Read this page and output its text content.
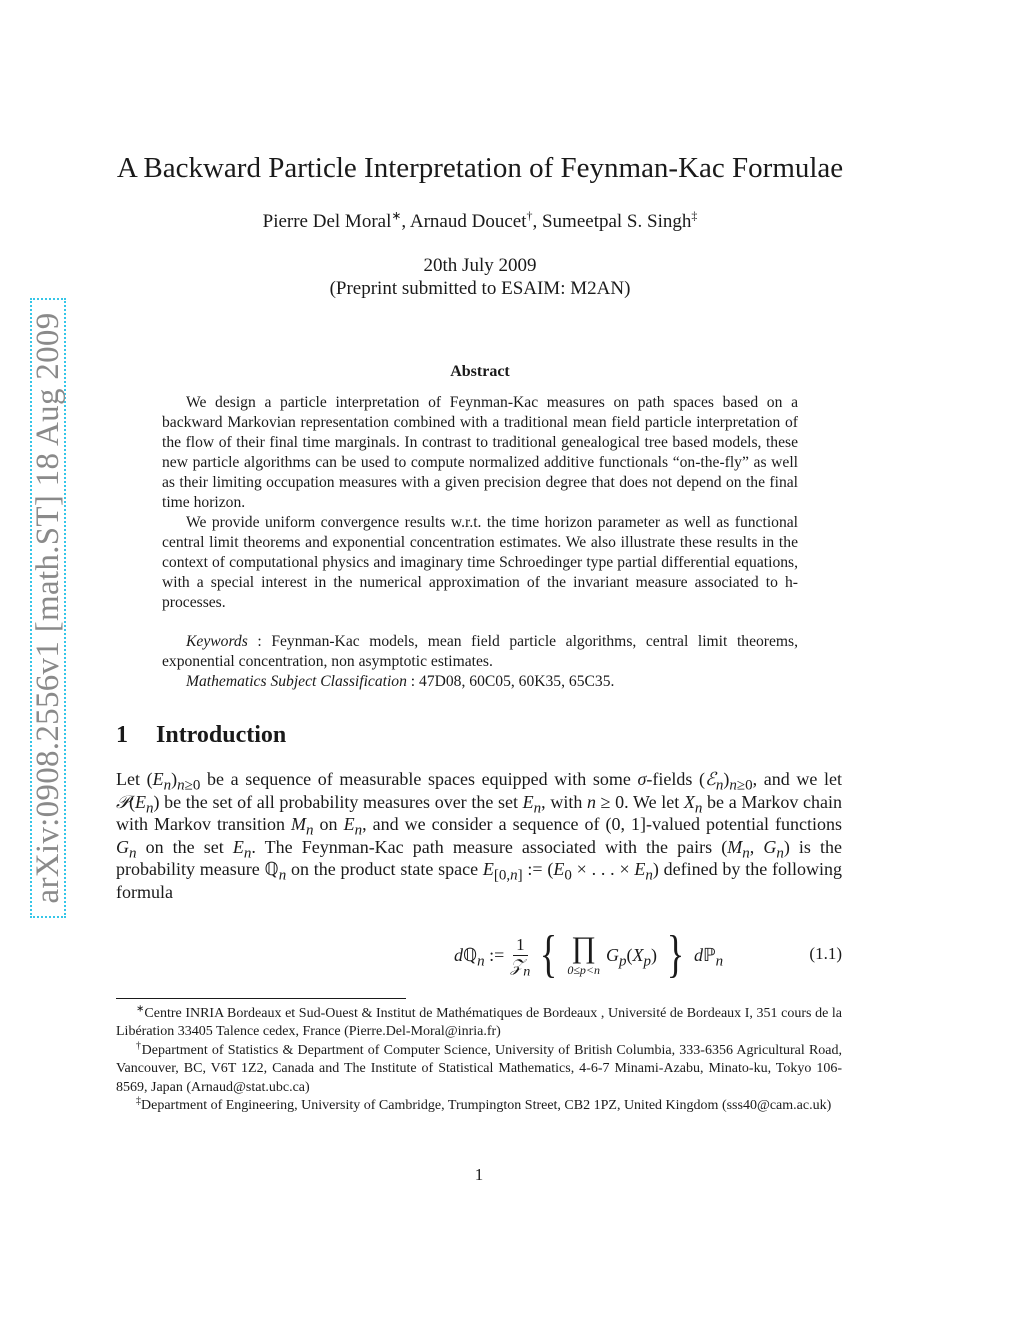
arXiv:0908.2556v1 [math.ST] 18 Aug 2009
A Backward Particle Interpretation of Feynman-Kac Formulae
Pierre Del Moral∗, Arnaud Doucet†, Sumeetpal S. Singh‡
20th July 2009
(Preprint submitted to ESAIM: M2AN)
Abstract

We design a particle interpretation of Feynman-Kac measures on path spaces based on a backward Markovian representation combined with a traditional mean field particle interpretation of the flow of their final time marginals. In contrast to traditional genealogical tree based models, these new particle algorithms can be used to compute normalized additive functionals “on-the-fly” as well as their limiting occupation measures with a given precision degree that does not depend on the final time horizon.

We provide uniform convergence results w.r.t. the time horizon parameter as well as functional central limit theorems and exponential concentration estimates. We also illustrate these results in the context of computational physics and imaginary time Schroedinger type partial differential equations, with a special interest in the numerical approximation of the invariant measure associated to h-processes.

Keywords : Feynman-Kac models, mean field particle algorithms, central limit theorems, exponential concentration, non asymptotic estimates.

Mathematics Subject Classification : 47D08, 60C05, 60K35, 65C35.

1 Introduction

Let $(E_n)_{n\ge 0}$ be a sequence of measurable spaces equipped with some σ-fields $(ℰ_n)_{n\ge 0}$, and we let $𝒫(E_n)$ be the set of all probability measures over the set $E_n$, with n ≥ 0. We let $X_n$ be a Markov chain with Markov transition $M_n$ on $E_n$, and we consider a sequence of (0, 1]-valued potential functions $G_n$ on the set $E_n$. The Feynman-Kac path measure associated with the pairs ($M_n$, $G_n$) is the probability measure ℚ$_n$ on the product state space $E_{[0,n]}$ := ($E_0$ × . . . × $E_n$) defined by the following formula

dℚ$_n$ := $\frac{1}{𝒵_n}$ { ∏
0≤p<n
$G_p(X_p)$ } dℙ$_n$	(1.1)

∗Centre INRIA Bordeaux et Sud-Ouest & Institut de Mathématiques de Bordeaux , Université de Bordeaux I, 351 cours de la Libération 33405 Talence cedex, France (Pierre.Del-Moral@inria.fr)

†Department of Statistics & Department of Computer Science, University of British Columbia, 333-6356 Agricultural Road, Vancouver, BC, V6T 1Z2, Canada and The Institute of Statistical Mathematics, 4-6-7 Minami-Azabu, Minato-ku, Tokyo 106-8569, Japan (Arnaud@stat.ubc.ca)

‡Department of Engineering, University of Cambridge, Trumpington Street, CB2 1PZ, United Kingdom (sss40@cam.ac.uk)

1
